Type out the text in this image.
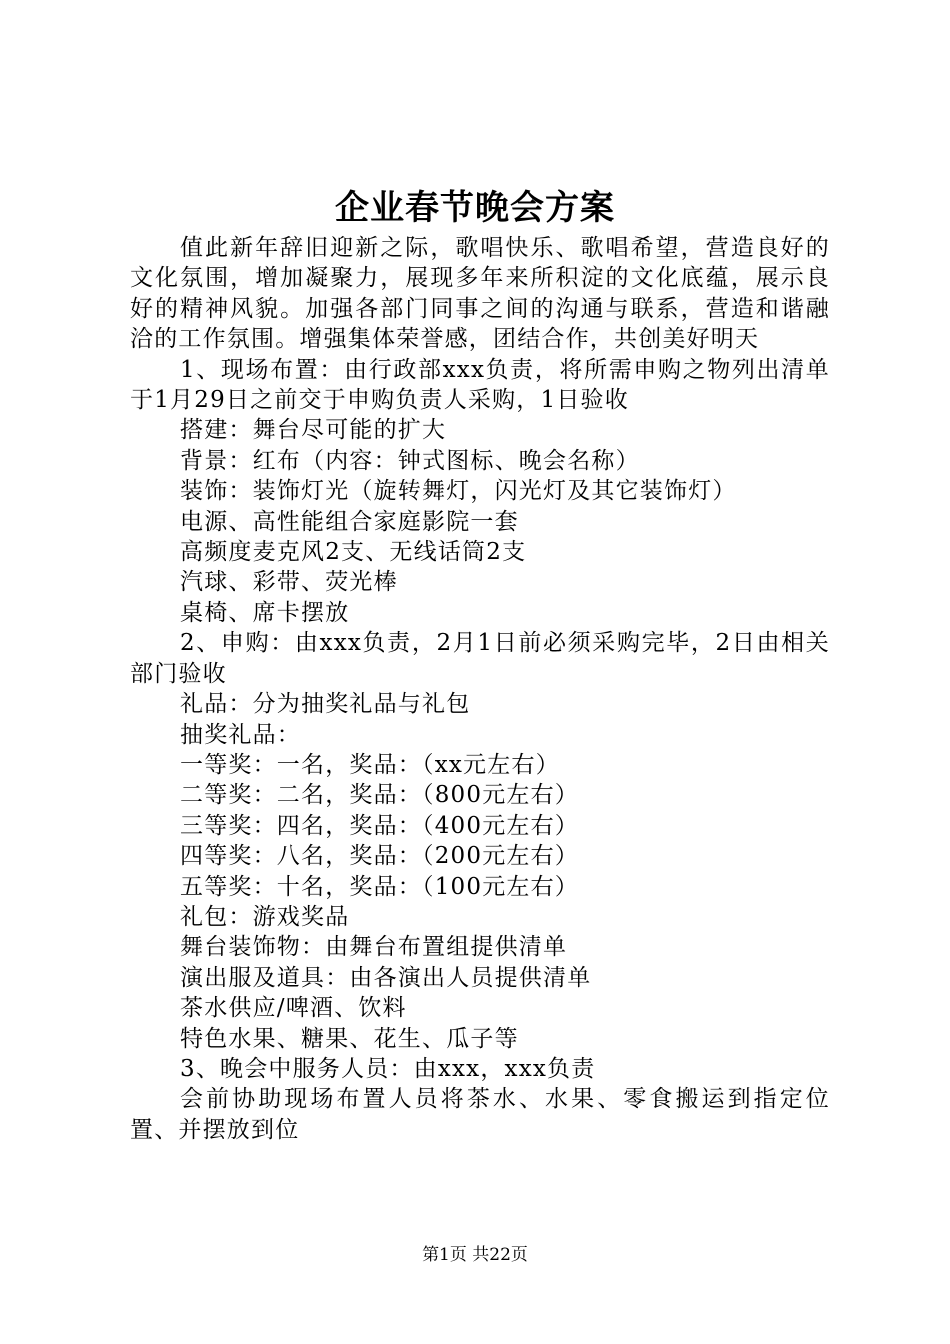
企业春节晚会方案

值此新年辞旧迎新之际，歌唱快乐、歌唱希望，营造良好的文化氛围，增加凝聚力，展现多年来所积淀的文化底蕴，展示良好的精神风貌。加强各部门同事之间的沟通与联系，营造和谐融洽的工作氛围。增强集体荣誉感，团结合作，共创美好明天

1、现场布置：由行政部xxx负责，将所需申购之物列出清单于1月29日之前交于申购负责人采购，1日验收

搭建：舞台尽可能的扩大

背景：红布（内容：钟式图标、晚会名称）

装饰：装饰灯光（旋转舞灯，闪光灯及其它装饰灯）

电源、高性能组合家庭影院一套

高频度麦克风2支、无线话筒2支

汽球、彩带、荧光棒

桌椅、席卡摆放

2、申购：由xxx负责，2月1日前必须采购完毕，2日由相关部门验收

礼品：分为抽奖礼品与礼包

抽奖礼品：

一等奖：一名，奖品：（xx元左右）

二等奖：二名，奖品：（800元左右）

三等奖：四名，奖品：（400元左右）

四等奖：八名，奖品：（200元左右）

五等奖：十名，奖品：（100元左右）

礼包：游戏奖品

舞台装饰物：由舞台布置组提供清单

演出服及道具：由各演出人员提供清单

茶水供应/啤酒、饮料

特色水果、糖果、花生、瓜子等

3、晚会中服务人员：由xxx，xxx负责

会前协助现场布置人员将茶水、水果、零食搬运到指定位置、并摆放到位

第1页 共22页
